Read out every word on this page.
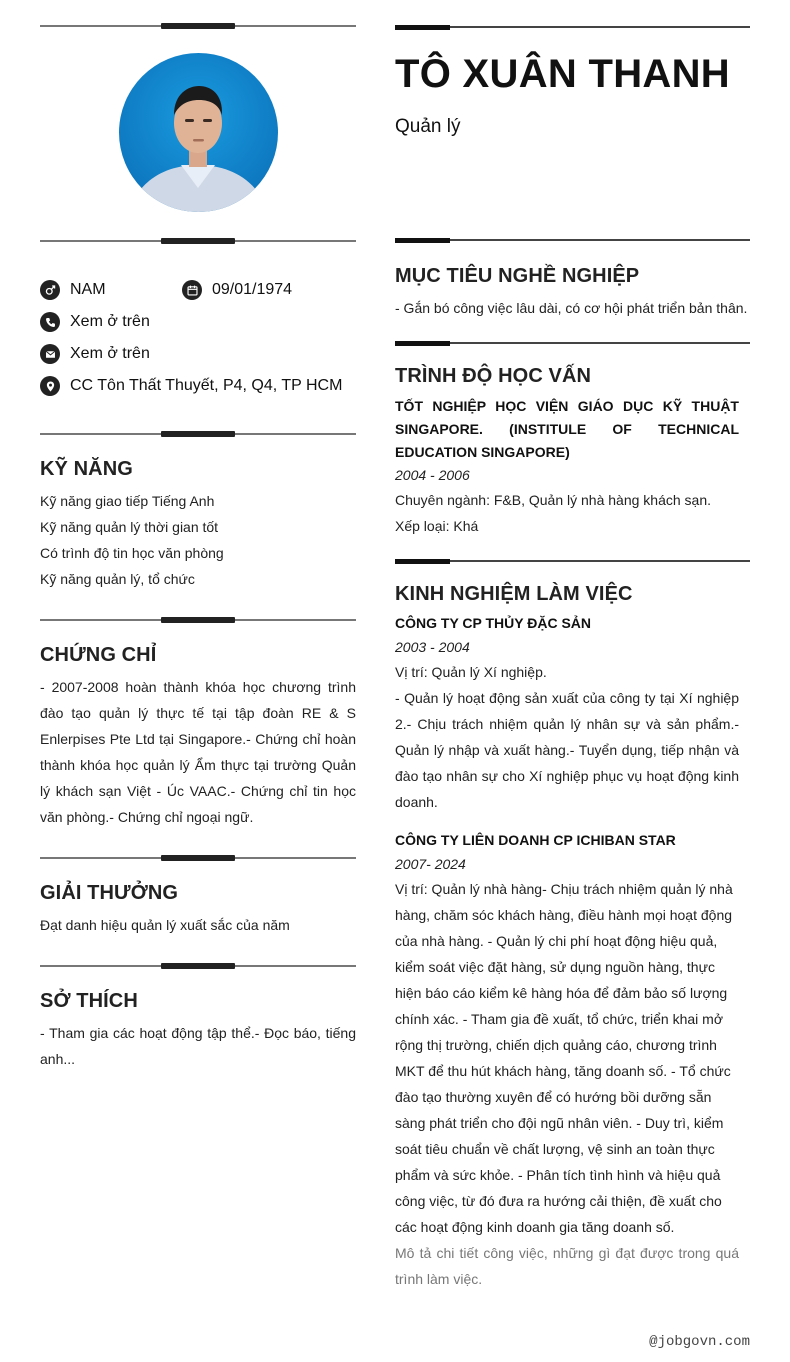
NAM	09/01/1974
Xem ở trên
Xem ở trên
CC Tôn Thất Thuyết, P4, Q4, TP HCM
KỸ NĂNG
Kỹ năng giao tiếp Tiếng Anh
Kỹ năng quản lý thời gian tốt
Có trình độ tin học văn phòng
Kỹ năng quản lý, tổ chức
CHỨNG CHỈ
- 2007-2008 hoàn thành khóa học chương trình đào tạo quản lý thực tế tại tập đoàn RE & S Enlerpises Pte Ltd tại Singapore.- Chứng chỉ hoàn thành khóa học quản lý Ẩm thực tại trường Quản lý khách sạn Việt - Úc VAAC.- Chứng chỉ tin học văn phòng.- Chứng chỉ ngoại ngữ.
GIẢI THƯỞNG
Đạt danh hiệu quản lý xuất sắc của năm
SỞ THÍCH
- Tham gia các hoạt động tập thể.- Đọc báo, tiếng anh...
TÔ XUÂN THANH
Quản lý
MỤC TIÊU NGHỀ NGHIỆP
- Gắn bó công việc lâu dài, có cơ hội phát triển bản thân.
TRÌNH ĐỘ HỌC VẤN
TỐT NGHIỆP HỌC VIỆN GIÁO DỤC KỸ THUẬT SINGAPORE. (INSTITULE OF TECHNICAL EDUCATION SINGAPORE)
2004 - 2006
Chuyên ngành: F&B, Quản lý nhà hàng khách sạn.
Xếp loại: Khá
KINH NGHIỆM LÀM VIỆC
CÔNG TY CP THỦY ĐẶC SẢN
2003 - 2004
Vị trí: Quản lý Xí nghiệp.
- Quản lý hoạt động sản xuất của công ty tại Xí nghiệp 2.- Chịu trách nhiệm quản lý nhân sự và sản phẩm.- Quản lý nhập và xuất hàng.- Tuyển dụng, tiếp nhận và đào tạo nhân sự cho Xí nghiệp phục vụ hoạt động kinh doanh.
CÔNG TY LIÊN DOANH CP ICHIBAN STAR
2007- 2024
Vị trí: Quản lý nhà hàng- Chịu trách nhiệm quản lý nhà hàng, chăm sóc khách hàng, điều hành mọi hoạt động của nhà hàng. - Quản lý chi phí hoạt động hiệu quả, kiểm soát việc đặt hàng, sử dụng nguồn hàng, thực hiện báo cáo kiểm kê hàng hóa để đảm bảo số lượng chính xác. - Tham gia đề xuất, tổ chức, triển khai mở rộng thị trường, chiến dịch quảng cáo, chương trình MKT để thu hút khách hàng, tăng doanh số. - Tổ chức đào tạo thường xuyên để có hướng bồi dưỡng sẵn sàng phát triển cho đội ngũ nhân viên. - Duy trì, kiểm soát tiêu chuẩn về chất lượng, vệ sinh an toàn thực phẩm và sức khỏe. - Phân tích tình hình và hiệu quả công việc, từ đó đưa ra hướng cải thiện, đề xuất cho các hoạt động kinh doanh gia tăng doanh số.
Mô tả chi tiết công việc, những gì đạt được trong quá trình làm việc.
@jobgovn.com
